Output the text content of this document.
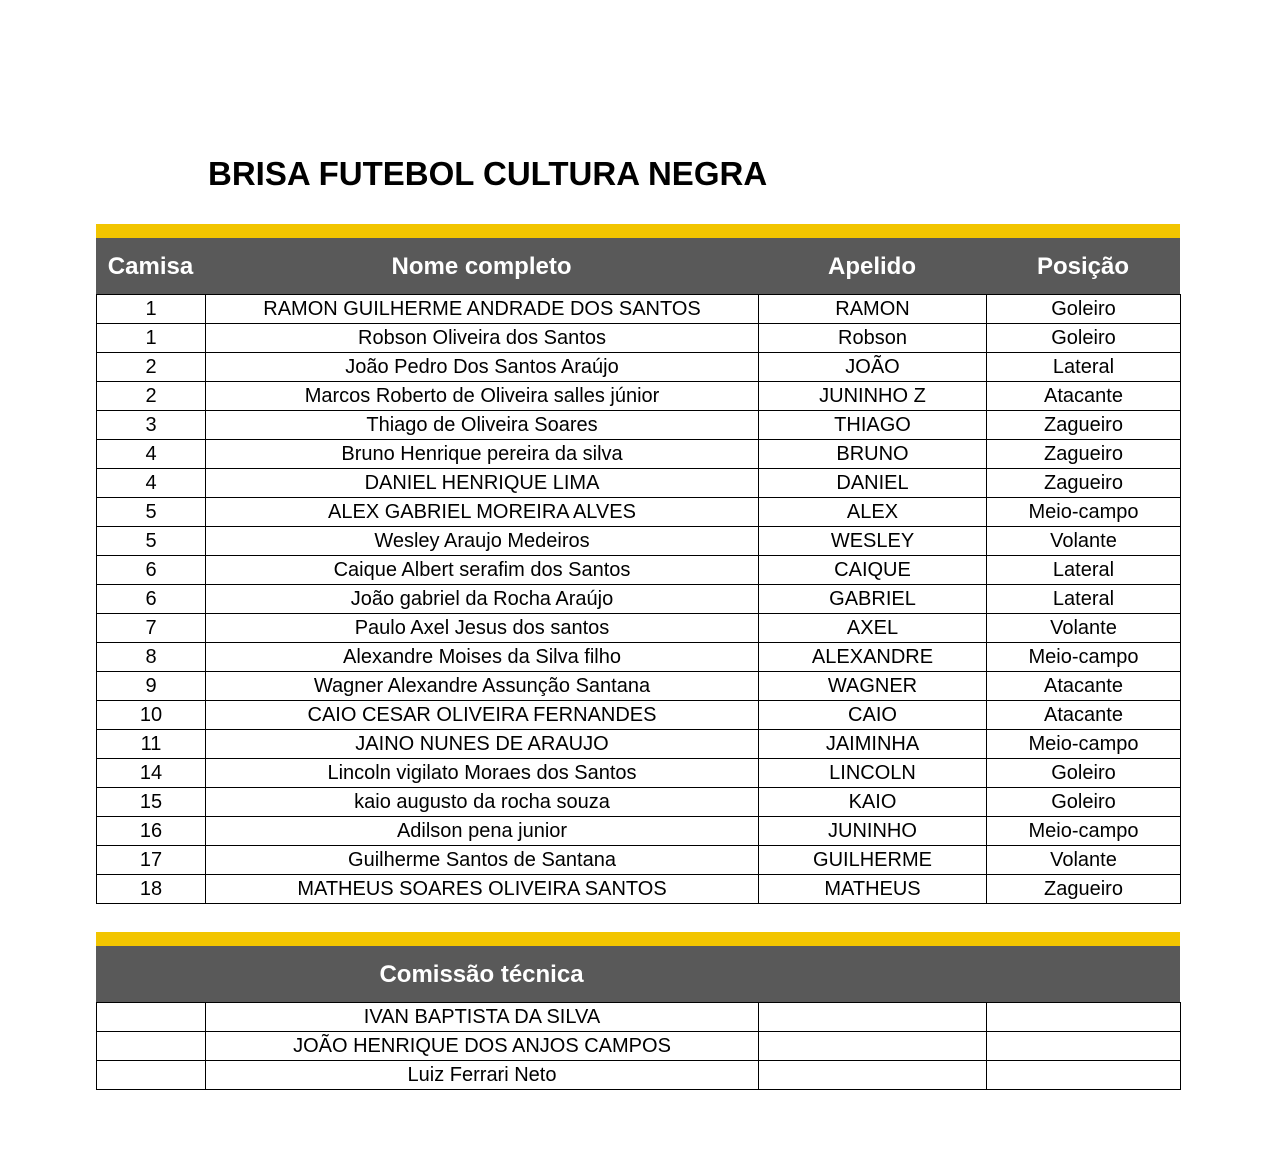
BRISA FUTEBOL CULTURA NEGRA
Camisa	Nome completo	Apelido	Posição
1	RAMON GUILHERME ANDRADE DOS SANTOS	RAMON	Goleiro
1	Robson Oliveira dos Santos	Robson	Goleiro
2	João Pedro Dos Santos Araújo	JOÃO	Lateral
2	Marcos Roberto de Oliveira salles júnior	JUNINHO Z	Atacante
3	Thiago de Oliveira Soares	THIAGO	Zagueiro
4	Bruno Henrique pereira da silva	BRUNO	Zagueiro
4	DANIEL HENRIQUE LIMA	DANIEL	Zagueiro
5	ALEX GABRIEL MOREIRA ALVES	ALEX	Meio-campo
5	Wesley Araujo Medeiros	WESLEY	Volante
6	Caique Albert serafim dos Santos	CAIQUE	Lateral
6	João gabriel da Rocha Araújo	GABRIEL	Lateral
7	Paulo Axel Jesus dos santos	AXEL	Volante
8	Alexandre Moises da Silva filho	ALEXANDRE	Meio-campo
9	Wagner Alexandre Assunção Santana	WAGNER	Atacante
10	CAIO CESAR OLIVEIRA FERNANDES	CAIO	Atacante
11	JAINO NUNES DE ARAUJO	JAIMINHA	Meio-campo
14	Lincoln vigilato Moraes dos Santos	LINCOLN	Goleiro
15	kaio augusto da rocha souza	KAIO	Goleiro
16	Adilson pena junior	JUNINHO	Meio-campo
17	Guilherme Santos de Santana	GUILHERME	Volante
18	MATHEUS SOARES OLIVEIRA SANTOS	MATHEUS	Zagueiro
Comissão técnica
	IVAN BAPTISTA DA SILVA		
	JOÃO HENRIQUE DOS ANJOS CAMPOS		
	Luiz Ferrari Neto		
